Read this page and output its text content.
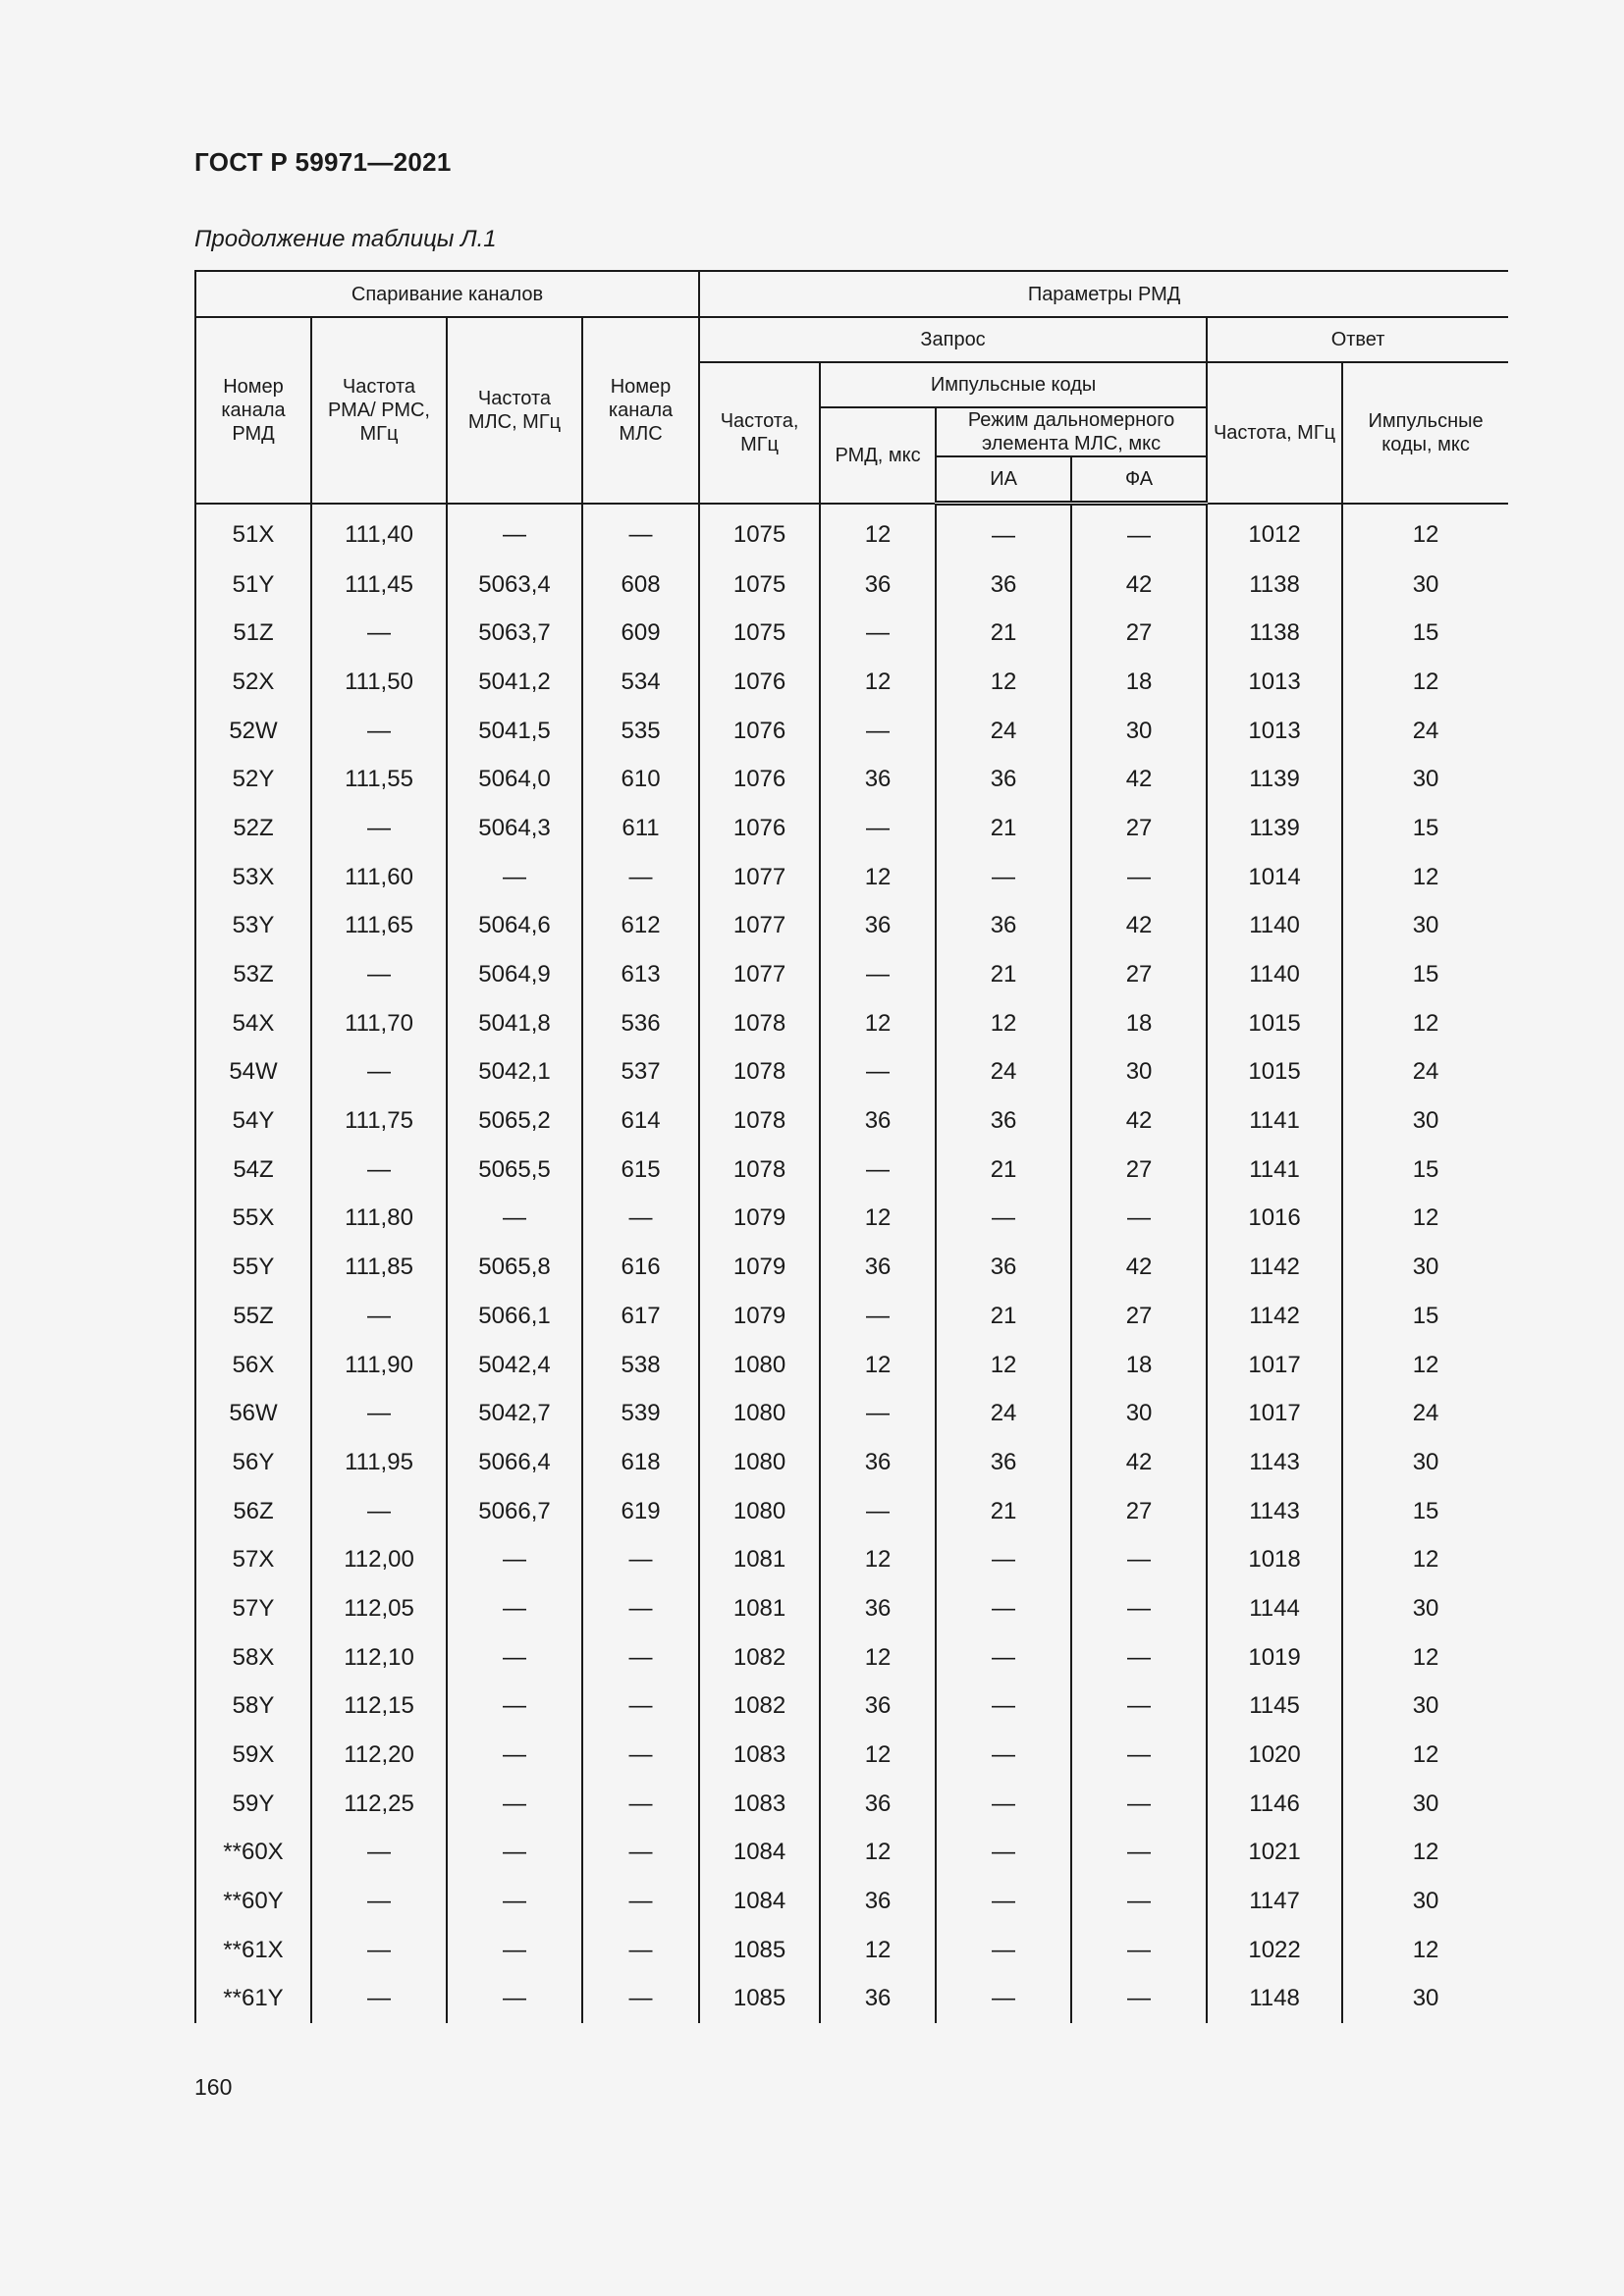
ГОСТ Р 59971—2021
Продолжение таблицы Л.1
Спаривание каналов				Параметры РМД					
Номер канала РМД	Частота РМА/ РМС, МГц	Частота МЛС, МГц	Номер канала МЛС	Запрос				Ответ	
				Частота, МГц	Импульсные коды			Частота, МГц	Импульсные коды, мкс
					РМД, мкс	Режим дальномерного элемента МЛС, мкс			
						ИА	ФА		
51X	111,40	—	—	1075	12	—	—	1012	12
51Y	111,45	5063,4	608	1075	36	36	42	1138	30
51Z	—	5063,7	609	1075	—	21	27	1138	15
52X	111,50	5041,2	534	1076	12	12	18	1013	12
52W	—	5041,5	535	1076	—	24	30	1013	24
52Y	111,55	5064,0	610	1076	36	36	42	1139	30
52Z	—	5064,3	611	1076	—	21	27	1139	15
53X	111,60	—	—	1077	12	—	—	1014	12
53Y	111,65	5064,6	612	1077	36	36	42	1140	30
53Z	—	5064,9	613	1077	—	21	27	1140	15
54X	111,70	5041,8	536	1078	12	12	18	1015	12
54W	—	5042,1	537	1078	—	24	30	1015	24
54Y	111,75	5065,2	614	1078	36	36	42	1141	30
54Z	—	5065,5	615	1078	—	21	27	1141	15
55X	111,80	—	—	1079	12	—	—	1016	12
55Y	111,85	5065,8	616	1079	36	36	42	1142	30
55Z	—	5066,1	617	1079	—	21	27	1142	15
56X	111,90	5042,4	538	1080	12	12	18	1017	12
56W	—	5042,7	539	1080	—	24	30	1017	24
56Y	111,95	5066,4	618	1080	36	36	42	1143	30
56Z	—	5066,7	619	1080	—	21	27	1143	15
57X	112,00	—	—	1081	12	—	—	1018	12
57Y	112,05	—	—	1081	36	—	—	1144	30
58X	112,10	—	—	1082	12	—	—	1019	12
58Y	112,15	—	—	1082	36	—	—	1145	30
59X	112,20	—	—	1083	12	—	—	1020	12
59Y	112,25	—	—	1083	36	—	—	1146	30
**60X	—	—	—	1084	12	—	—	1021	12
**60Y	—	—	—	1084	36	—	—	1147	30
**61X	—	—	—	1085	12	—	—	1022	12
**61Y	—	—	—	1085	36	—	—	1148	30
160
